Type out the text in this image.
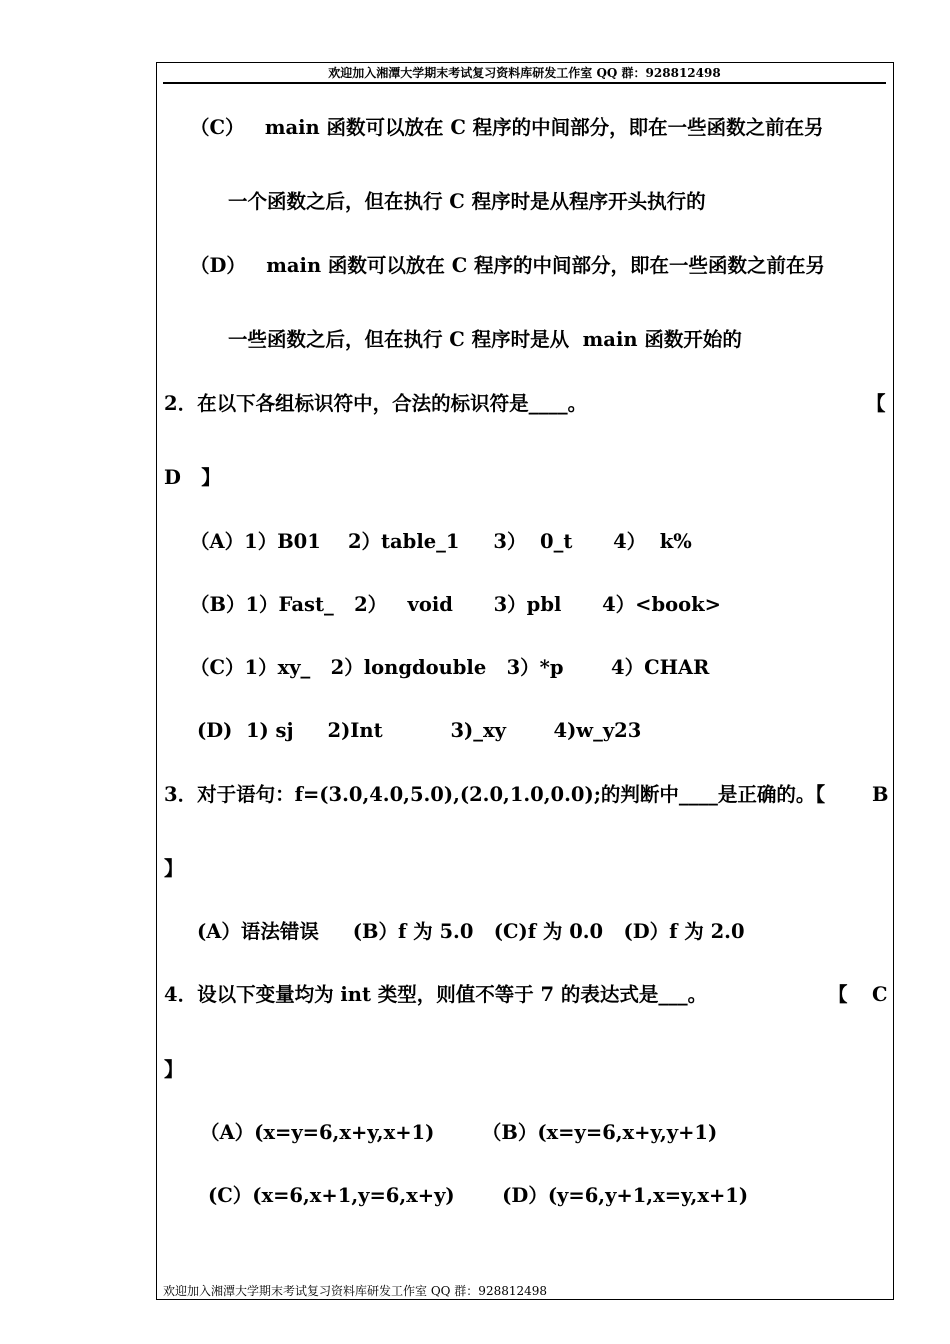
欢迎加入湘潭大学期末考试复习资料库研发工作室 QQ 群：928812498
（C）   main 函数可以放在 C 程序的中间部分，即在一些函数之前在另
一个函数之后，但在执行 C 程序时是从程序开头执行的
（D）   main 函数可以放在 C 程序的中间部分，即在一些函数之前在另
一些函数之后，但在执行 C 程序时是从  main 函数开始的
2．在以下各组标识符中，合法的标识符是____。	【
D   】
（A）1）B01    2）table_1     3）  0_t      4）  k%
（B）1）Fast_   2）   void      3）pbl      4）<book>
（C）1）xy_   2）longdouble   3）*p       4）CHAR
(D)  1) sj     2)Int          3)_xy       4)w_y23
3．对于语句：f=(3.0,4.0,5.0),(2.0,1.0,0.0);的判断中____是正确的。【 B
】
(A）语法错误     (B）f 为 5.0   (C)f 为 0.0   (D）f 为 2.0
4．设以下变量均为 int 类型，则值不等于 7 的表达式是___。	【 C
】
（A）(x=y=6,x+y,x+1)       （B）(x=y=6,x+y,y+1)
(C）(x=6,x+1,y=6,x+y)       (D）(y=6,y+1,x=y,x+1)
欢迎加入湘潭大学期末考试复习资料库研发工作室 QQ 群：928812498
